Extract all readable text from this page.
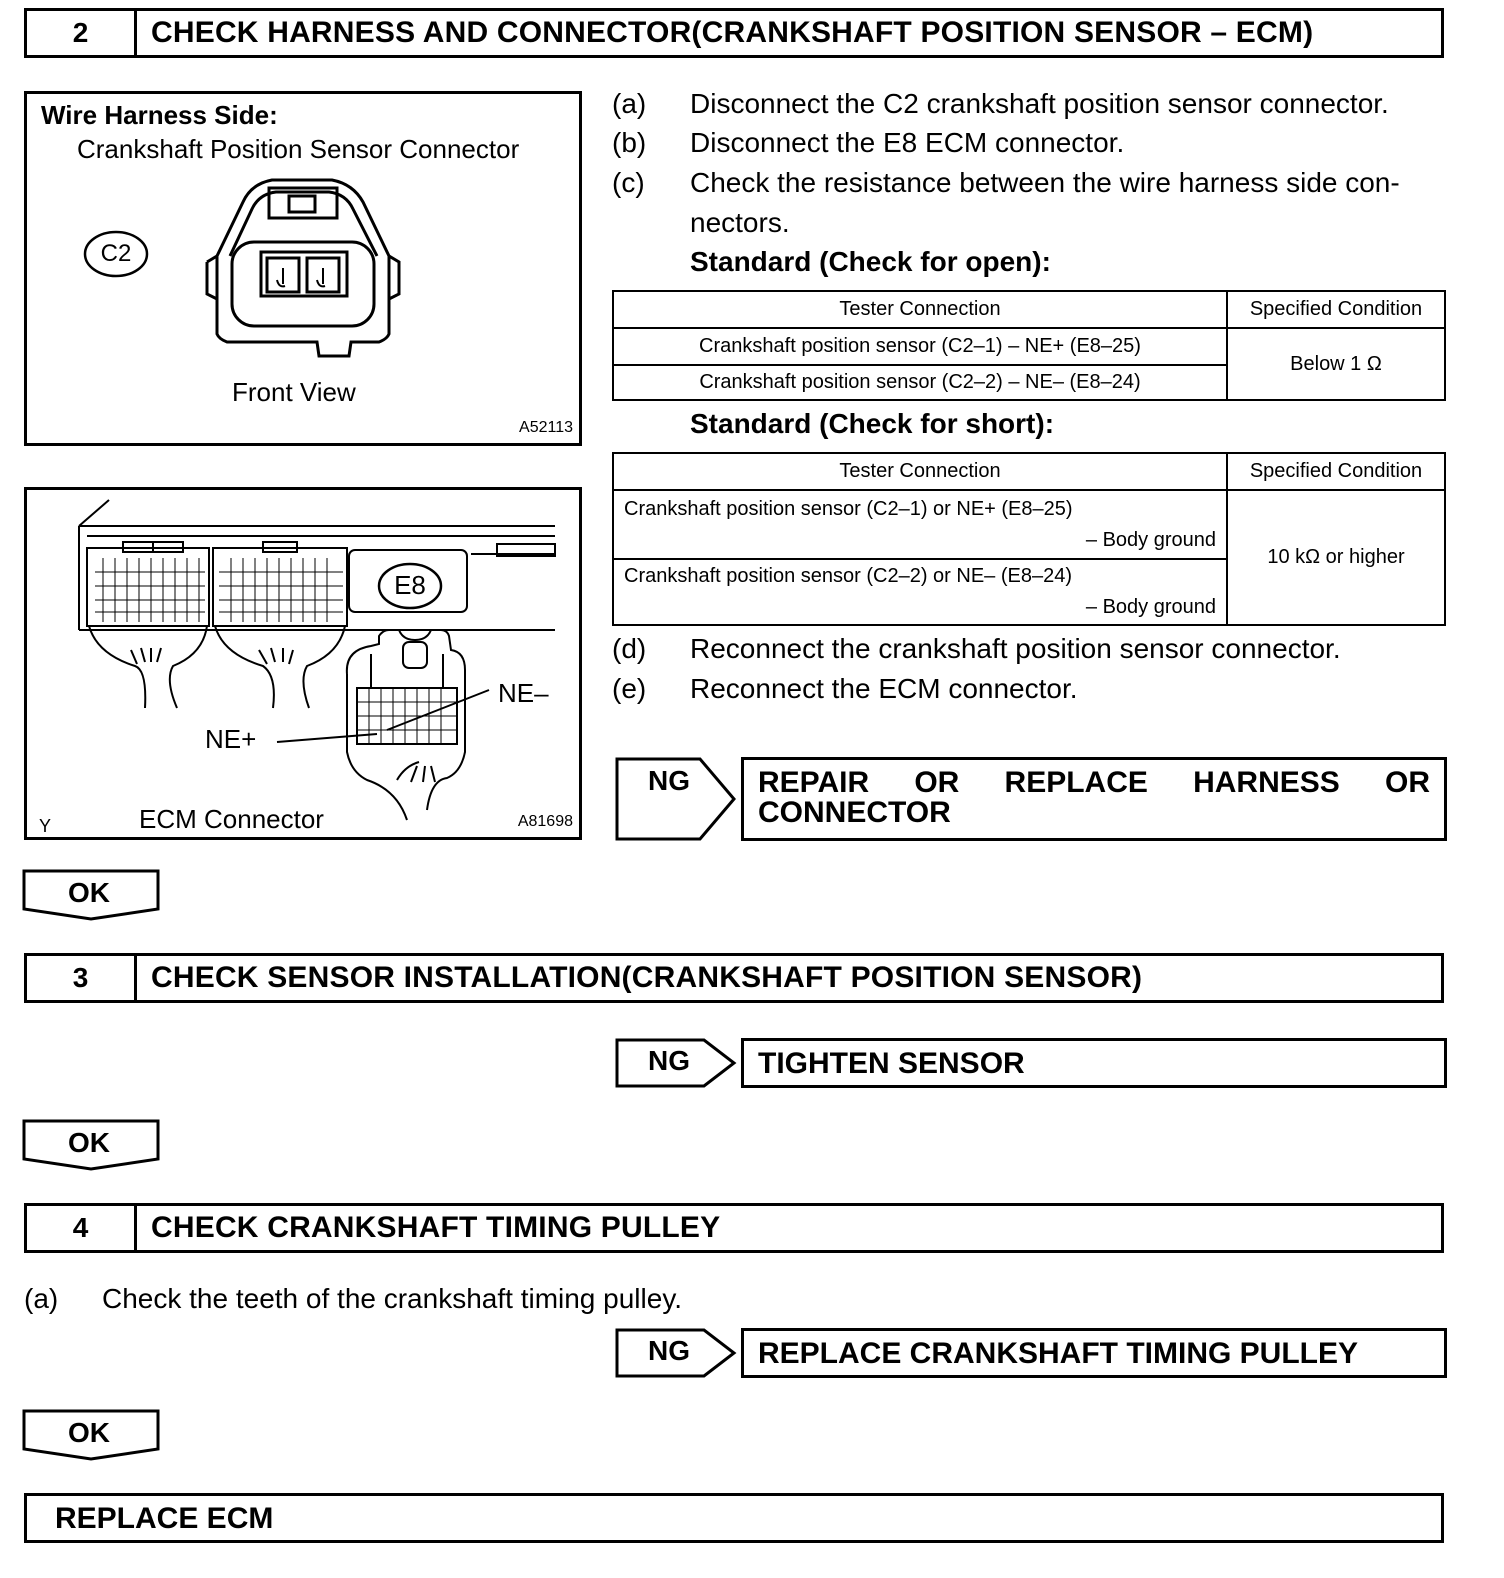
2	CHECK HARNESS AND CONNECTOR(CRANKSHAFT POSITION SENSOR – ECM)
Wire Harness Side:
Crankshaft Position Sensor Connector
C2
Front View
A52113
E8
NE–
NE+
Y	ECM Connector	A81698
(a) Disconnect the C2 crankshaft position sensor connector.
(b) Disconnect the E8 ECM connector.
(c) Check the resistance between the wire harness side con-
nectors.
Standard (Check for open):
Tester Connection	Specified Condition
Crankshaft position sensor (C2–1) – NE+ (E8–25)	Below 1 Ω
Crankshaft position sensor (C2–2) – NE– (E8–24)	
Standard (Check for short):
Tester Connection	Specified Condition

Crankshaft position sensor (C2–1) or NE+ (E8–25)
– Body ground	10 kΩ or higher

Crankshaft position sensor (C2–2) or NE– (E8–24)
– Body ground	
(d) Reconnect the crankshaft position sensor connector.
(e) Reconnect the ECM connector.
NG REPAIR OR REPLACE HARNESS OR
CONNECTOR
OK
3	CHECK SENSOR INSTALLATION(CRANKSHAFT POSITION SENSOR)
NG TIGHTEN SENSOR
OK
4	CHECK CRANKSHAFT TIMING PULLEY
(a) Check the teeth of the crankshaft timing pulley.
NG REPLACE CRANKSHAFT TIMING PULLEY
OK
REPLACE ECM
